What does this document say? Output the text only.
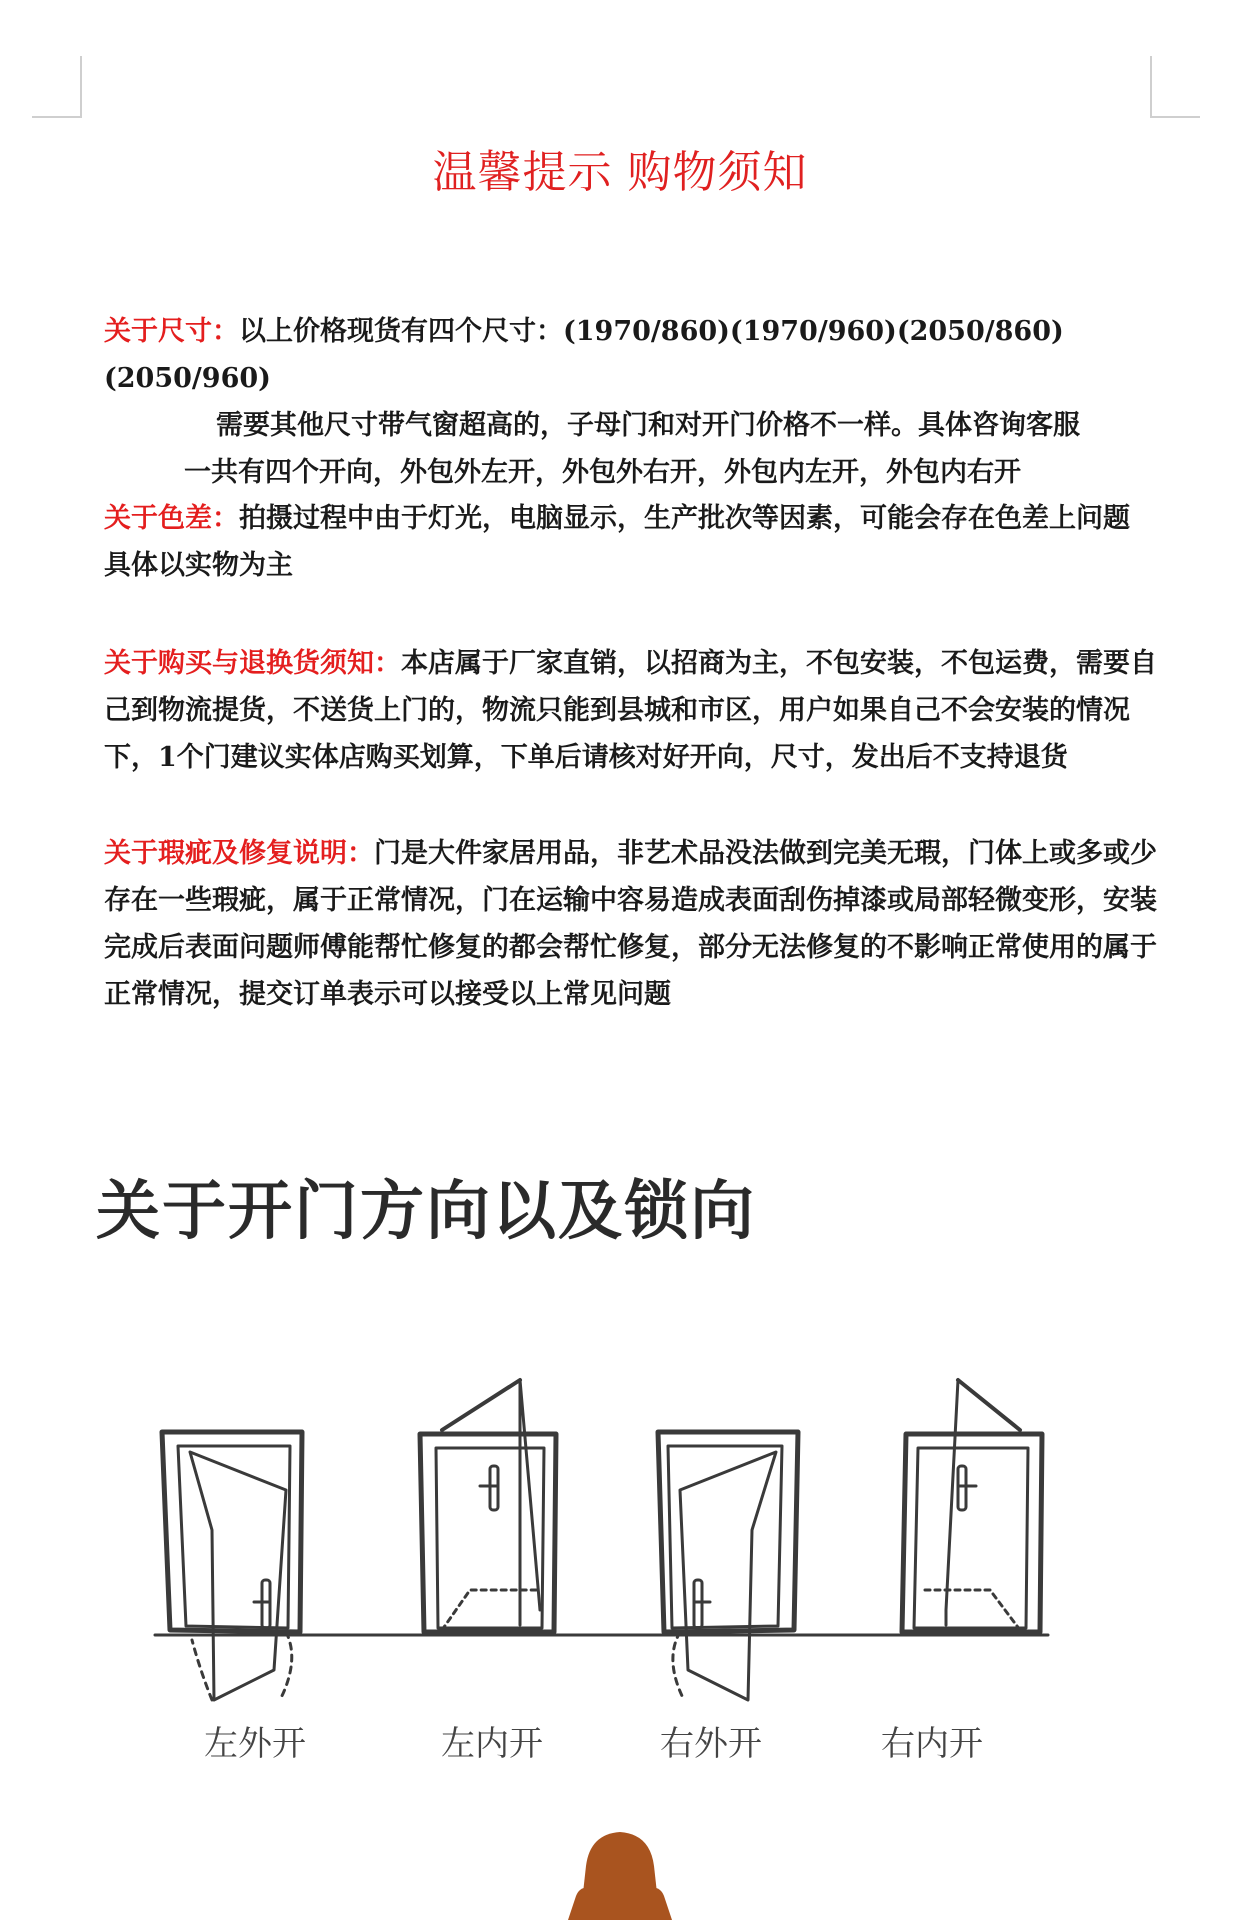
温馨提示 购物须知

关于尺寸：以上价格现货有四个尺寸：(1970/860)(1970/960)(2050/860)(2050/960)

需要其他尺寸带气窗超高的，子母门和对开门价格不一样。具体咨询客服

一共有四个开向，外包外左开，外包外右开，外包内左开，外包内右开

关于色差：拍摄过程中由于灯光，电脑显示，生产批次等因素，可能会存在色差上问题

具体以实物为主

关于购买与退换货须知：本店属于厂家直销，以招商为主，不包安装，不包运费，需要自己到物流提货，不送货上门的，物流只能到县城和市区，用户如果自己不会安装的情况下，1个门建议实体店购买划算，下单后请核对好开向，尺寸，发出后不支持退货

关于瑕疵及修复说明：门是大件家居用品，非艺术品没法做到完美无瑕，门体上或多或少存在一些瑕疵，属于正常情况，门在运输中容易造成表面刮伤掉漆或局部轻微变形，安装完成后表面问题师傅能帮忙修复的都会帮忙修复，部分无法修复的不影响正常使用的属于正常情况，提交订单表示可以接受以上常见问题

关于开门方向以及锁向
左外开	左内开	右外开	右内开
